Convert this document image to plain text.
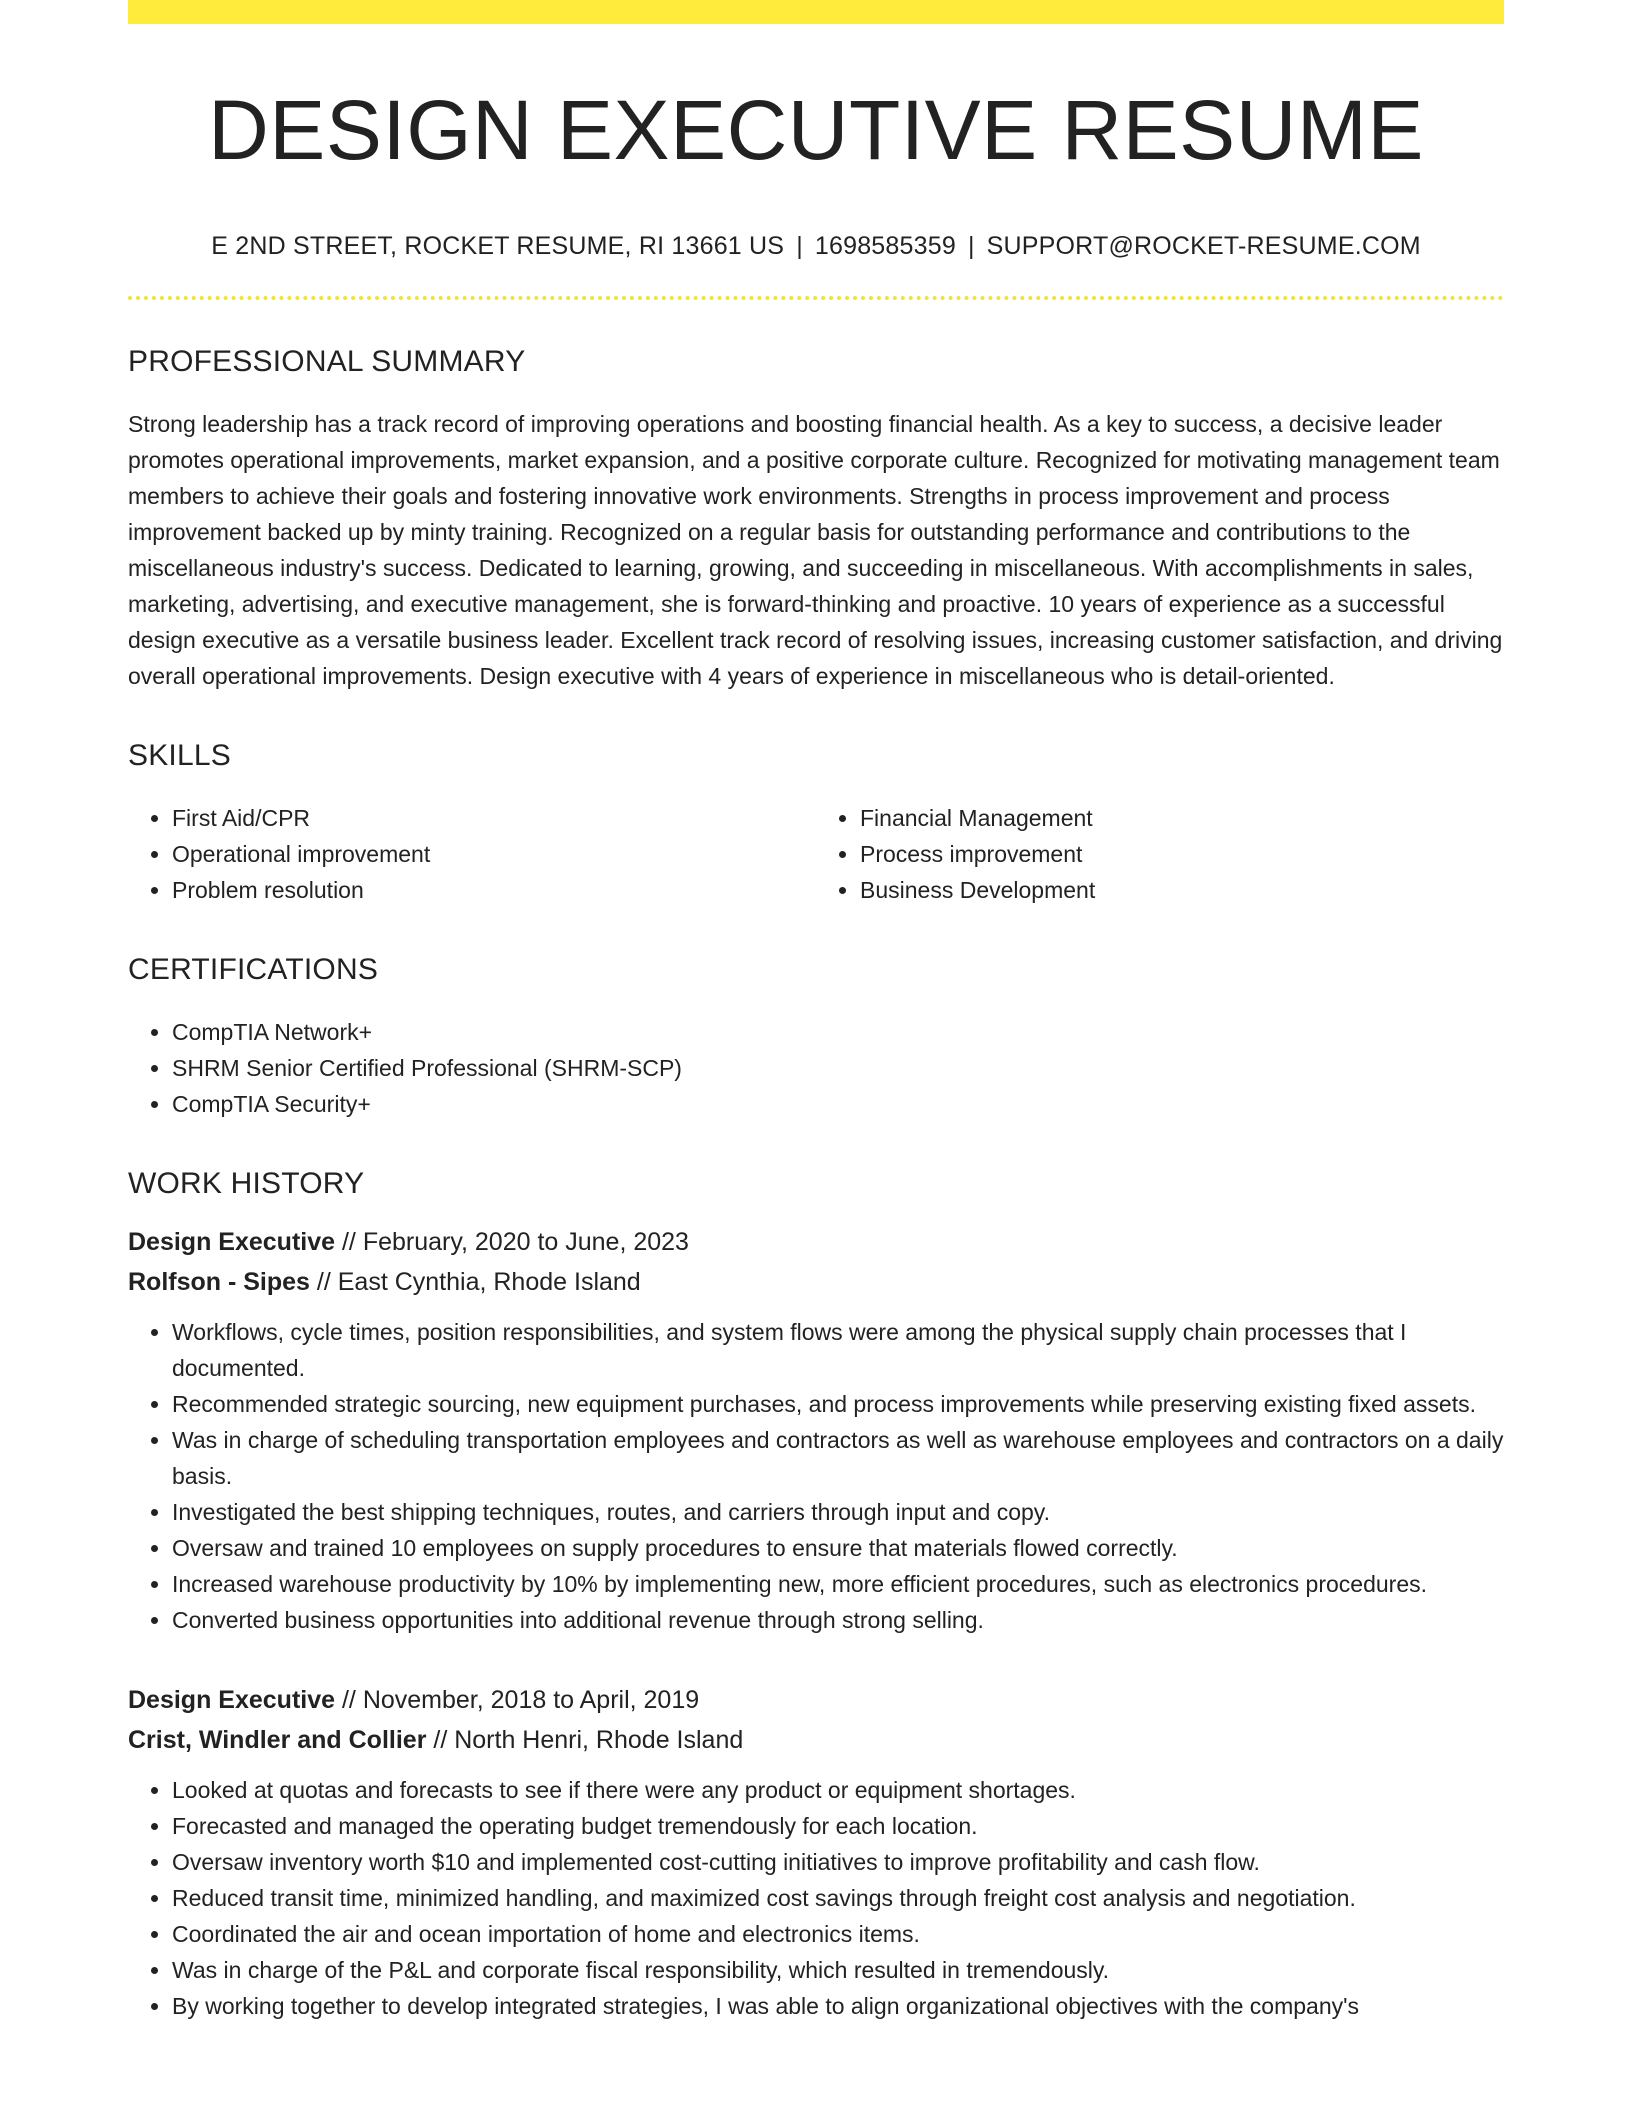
DESIGN EXECUTIVE RESUME
E 2ND STREET, ROCKET RESUME, RI 13661 US | 1698585359 | SUPPORT@ROCKET-RESUME.COM
PROFESSIONAL SUMMARY

Strong leadership has a track record of improving operations and boosting financial health. As a key to success, a decisive leader promotes operational improvements, market expansion, and a positive corporate culture. Recognized for motivating management team members to achieve their goals and fostering innovative work environments. Strengths in process improvement and process improvement backed up by minty training. Recognized on a regular basis for outstanding performance and contributions to the miscellaneous industry's success. Dedicated to learning, growing, and succeeding in miscellaneous. With accomplishments in sales, marketing, advertising, and executive management, she is forward-thinking and proactive. 10 years of experience as a successful design executive as a versatile business leader. Excellent track record of resolving issues, increasing customer satisfaction, and driving overall operational improvements. Design executive with 4 years of experience in miscellaneous who is detail-oriented.

SKILLS
• First Aid/CPR
• Operational improvement
• Problem resolution
• Financial Management
• Process improvement
• Business Development
CERTIFICATIONS
• CompTIA Network+
• SHRM Senior Certified Professional (SHRM-SCP)
• CompTIA Security+
WORK HISTORY
Design Executive // February, 2020 to June, 2023
Rolfson - Sipes // East Cynthia, Rhode Island
• Workflows, cycle times, position responsibilities, and system flows were among the physical supply chain processes that I documented.
• Recommended strategic sourcing, new equipment purchases, and process improvements while preserving existing fixed assets.
• Was in charge of scheduling transportation employees and contractors as well as warehouse employees and contractors on a daily basis.
• Investigated the best shipping techniques, routes, and carriers through input and copy.
• Oversaw and trained 10 employees on supply procedures to ensure that materials flowed correctly.
• Increased warehouse productivity by 10% by implementing new, more efficient procedures, such as electronics procedures.
• Converted business opportunities into additional revenue through strong selling.
Design Executive // November, 2018 to April, 2019
Crist, Windler and Collier // North Henri, Rhode Island
• Looked at quotas and forecasts to see if there were any product or equipment shortages.
• Forecasted and managed the operating budget tremendously for each location.
• Oversaw inventory worth $10 and implemented cost-cutting initiatives to improve profitability and cash flow.
• Reduced transit time, minimized handling, and maximized cost savings through freight cost analysis and negotiation.
• Coordinated the air and ocean importation of home and electronics items.
• Was in charge of the P&L and corporate fiscal responsibility, which resulted in tremendously.
• By working together to develop integrated strategies, I was able to align organizational objectives with the company's
